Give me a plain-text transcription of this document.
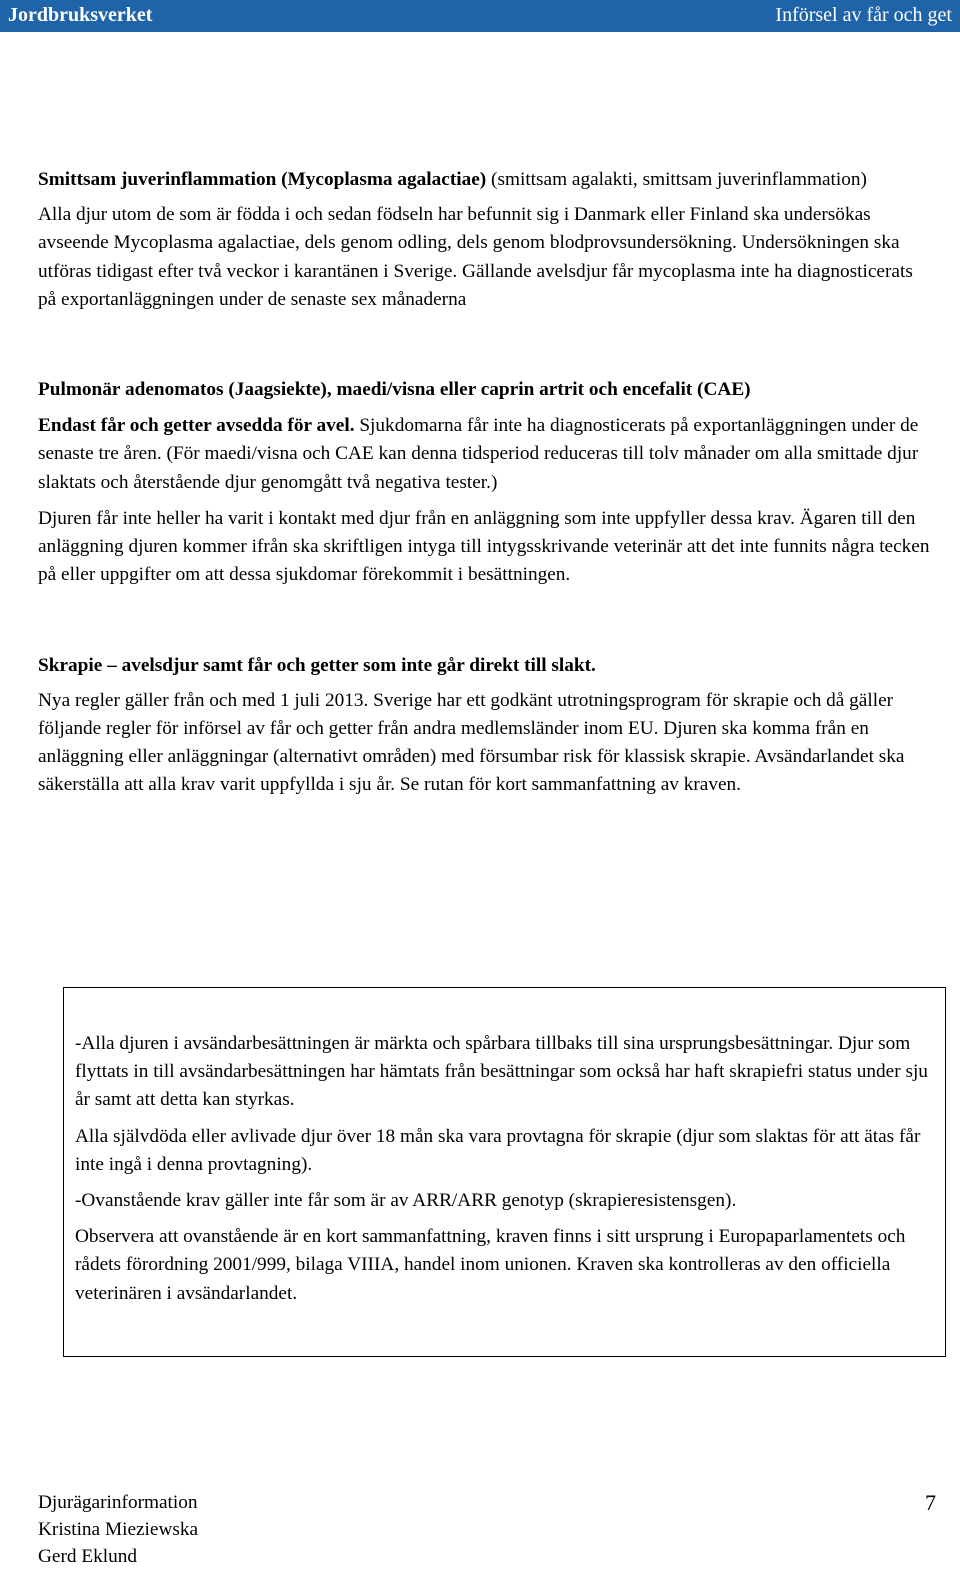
Jordbruksverket	Införsel av får och get

Smittsam juverinflammation (Mycoplasma agalactiae) (smittsam agalakti, smittsam juverinflammation)

Alla djur utom de som är födda i och sedan födseln har befunnit sig i Danmark eller Finland ska undersökas avseende Mycoplasma agalactiae, dels genom odling, dels genom blodprovsundersökning. Undersökningen ska utföras tidigast efter två veckor i karantänen i Sverige. Gällande avelsdjur får mycoplasma inte ha diagnosticerats på exportanläggningen under de senaste sex månaderna

Pulmonär adenomatos (Jaagsiekte), maedi/visna eller caprin artrit och encefalit (CAE)

Endast får och getter avsedda för avel. Sjukdomarna får inte ha diagnosticerats på exportanläggningen under de senaste tre åren. (För maedi/visna och CAE kan denna tidsperiod reduceras till tolv månader om alla smittade djur slaktats och återstående djur genomgått två negativa tester.)

Djuren får inte heller ha varit i kontakt med djur från en anläggning som inte uppfyller dessa krav. Ägaren till den anläggning djuren kommer ifrån ska skriftligen intyga till intygsskrivande veterinär att det inte funnits några tecken på eller uppgifter om att dessa sjukdomar förekommit i besättningen.

Skrapie – avelsdjur samt får och getter som inte går direkt till slakt.

Nya regler gäller från och med 1 juli 2013. Sverige har ett godkänt utrotningsprogram för skrapie och då gäller följande regler för införsel av får och getter från andra medlemsländer inom EU. Djuren ska komma från en anläggning eller anläggningar (alternativt områden) med försumbar risk för klassisk skrapie. Avsändarlandet ska säkerställa att alla krav varit uppfyllda i sju år. Se rutan för kort sammanfattning av kraven.

-Alla djuren i avsändarbesättningen är märkta och spårbara tillbaks till sina ursprungsbesättningar. Djur som flyttats in till avsändarbesättningen har hämtats från besättningar som också har haft skrapiefri status under sju år samt att detta kan styrkas.

Alla självdöda eller avlivade djur över 18 mån ska vara provtagna för skrapie (djur som slaktas för att ätas får inte ingå i denna provtagning).

-Ovanstående krav gäller inte får som är av ARR/ARR genotyp (skrapieresistensgen).

Observera att ovanstående är en kort sammanfattning, kraven finns i sitt ursprung i Europaparlamentets och rådets förordning 2001/999, bilaga VIIIA, handel inom unionen. Kraven ska kontrolleras av den officiella veterinären i avsändarlandet.

Djurägarinformation
Kristina Mieziewska
Gerd Eklund
7
